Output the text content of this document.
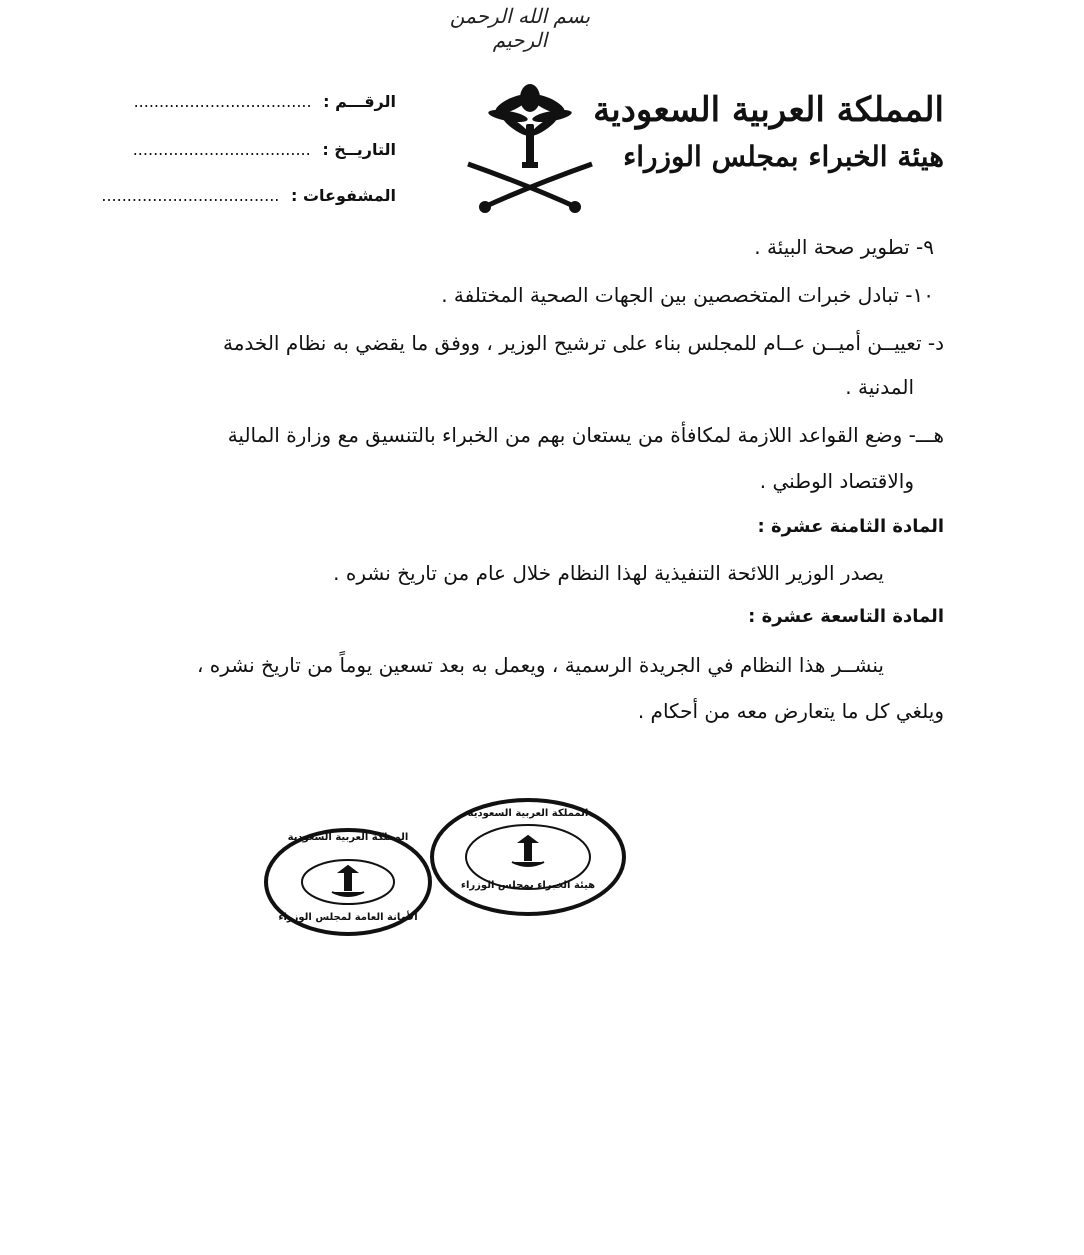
بسم الله الرحمن الرحيم
المملكة العربية السعودية
هيئة الخبراء بمجلس الوزراء
الرقـــم : ...................................
التاريــخ : ...................................
المشفوعات : ...................................
٩- تطوير صحة البيئة .
١٠- تبادل خبرات المتخصصين بين الجهات الصحية المختلفة .
د- تعييــن أميــن عــام للمجلس بناء على ترشيح الوزير ، ووفق ما يقضي به نظام الخدمة
المدنية .
هـــ- وضع القواعد اللازمة لمكافأة من يستعان بهم من الخبراء بالتنسيق مع وزارة المالية
والاقتصاد الوطني .
المادة الثامنة عشرة :
يصدر الوزير اللائحة التنفيذية لهذا النظام خلال عام من تاريخ نشره .
المادة التاسعة عشرة :
ينشــر هذا النظام في الجريدة الرسمية ، ويعمل به بعد تسعين يوماً من تاريخ نشره ،
ويلغي كل ما يتعارض معه من أحكام .
المملكة العربية السعودية
الأمانة العامة لمجلس الوزراء
المملكة العربية السعودية
هيئة الخبراء بمجلس الوزراء
